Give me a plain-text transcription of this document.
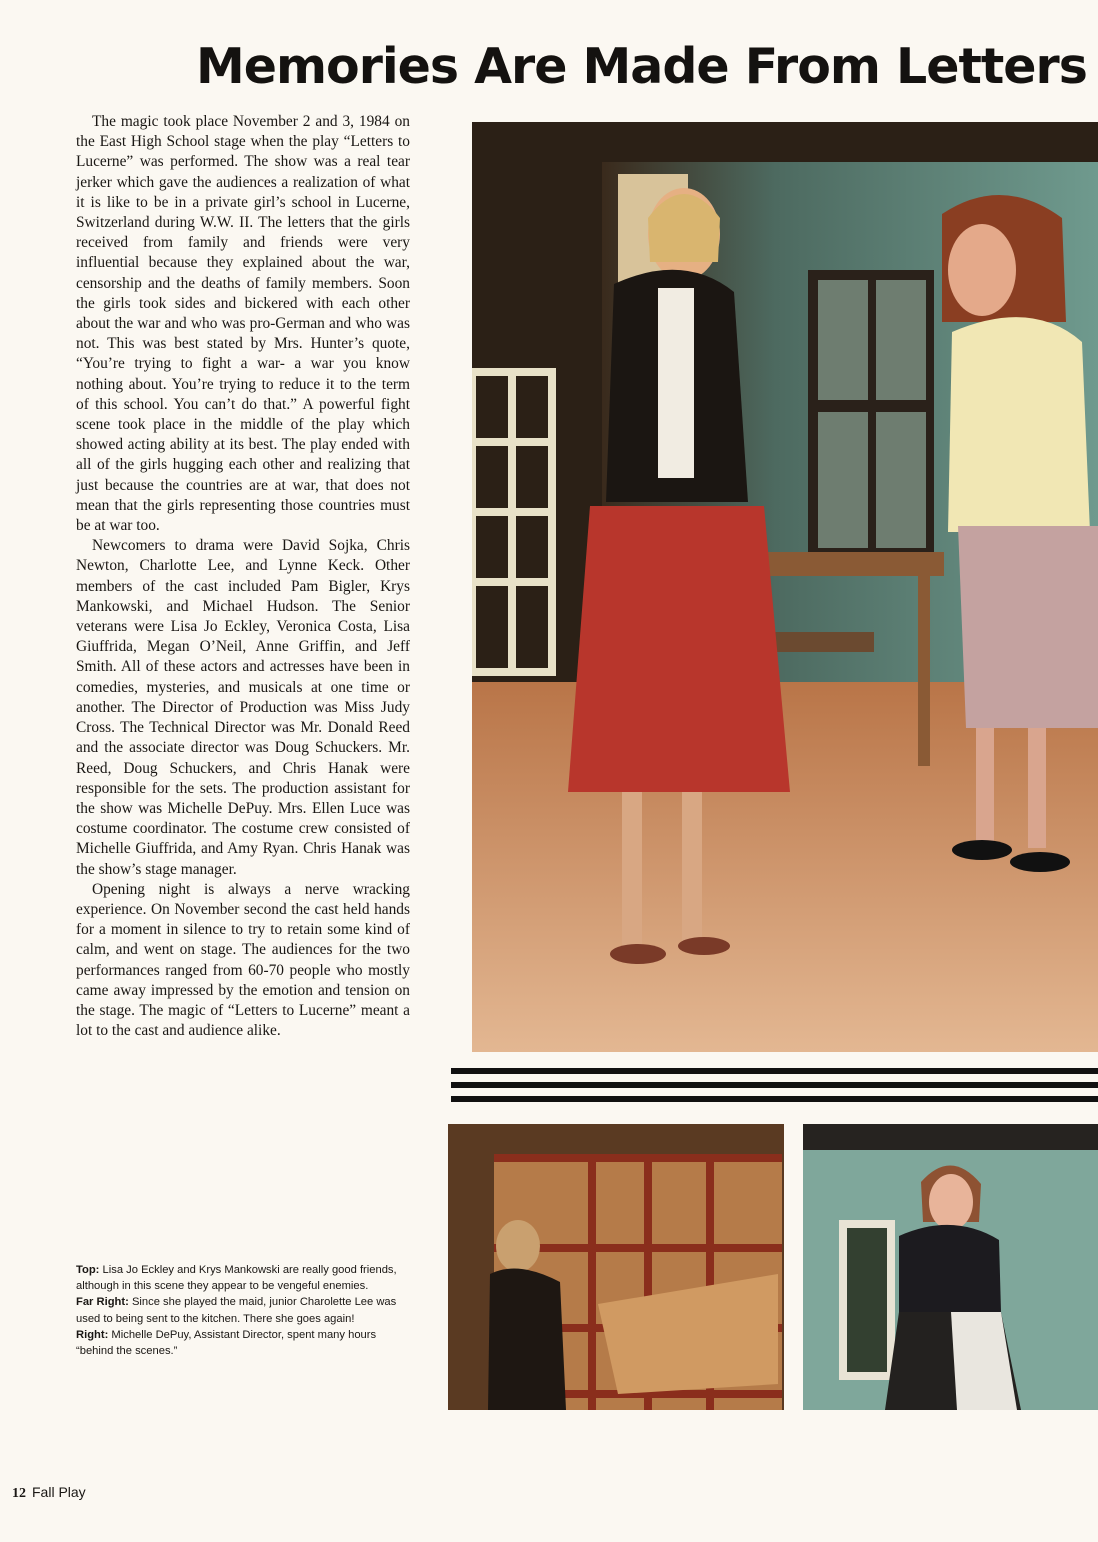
Memories Are Made From Letters

The magic took place November 2 and 3, 1984 on the East High School stage when the play “Letters to Lucerne” was performed. The show was a real tear jerker which gave the audiences a realization of what it is like to be in a private girl’s school in Lucerne, Switzerland during W.W. II. The letters that the girls received from family and friends were very influential because they explained about the war, censorship and the deaths of family members. Soon the girls took sides and bickered with each other about the war and who was pro-German and who was not. This was best stated by Mrs. Hunter’s quote, “You’re trying to fight a war- a war you know nothing about. You’re trying to reduce it to the term of this school. You can’t do that.” A powerful fight scene took place in the middle of the play which showed acting ability at its best. The play ended with all of the girls hugging each other and realizing that just because the countries are at war, that does not mean that the girls representing those countries must be at war too.

Newcomers to drama were David Sojka, Chris Newton, Charlotte Lee, and Lynne Keck. Other members of the cast included Pam Bigler, Krys Mankowski, and Michael Hudson. The Senior veterans were Lisa Jo Eckley, Veronica Costa, Lisa Giuffrida, Megan O’Neil, Anne Griffin, and Jeff Smith. All of these actors and actresses have been in comedies, mysteries, and musicals at one time or another. The Director of Production was Miss Judy Cross. The Technical Director was Mr. Donald Reed and the associate director was Doug Schuckers. Mr. Reed, Doug Schuckers, and Chris Hanak were responsible for the sets. The production assistant for the show was Michelle DePuy. Mrs. Ellen Luce was costume coordinator. The costume crew consisted of Michelle Giuffrida, and Amy Ryan. Chris Hanak was the show’s stage manager.

Opening night is always a nerve wracking experience. On November second the cast held hands for a moment in silence to try to retain some kind of calm, and went on stage. The audiences for the two performances ranged from 60-70 people who mostly came away impressed by the emotion and tension on the stage. The magic of “Letters to Lucerne” meant a lot to the cast and audience alike.

Top: Lisa Jo Eckley and Krys Mankowski are really good friends, although in this scene they appear to be vengeful enemies.

Far Right: Since she played the maid, junior Charolette Lee was used to being sent to the kitchen. There she goes again!

Right: Michelle DePuy, Assistant Director, spent many hours “behind the scenes.”

12 Fall Play
